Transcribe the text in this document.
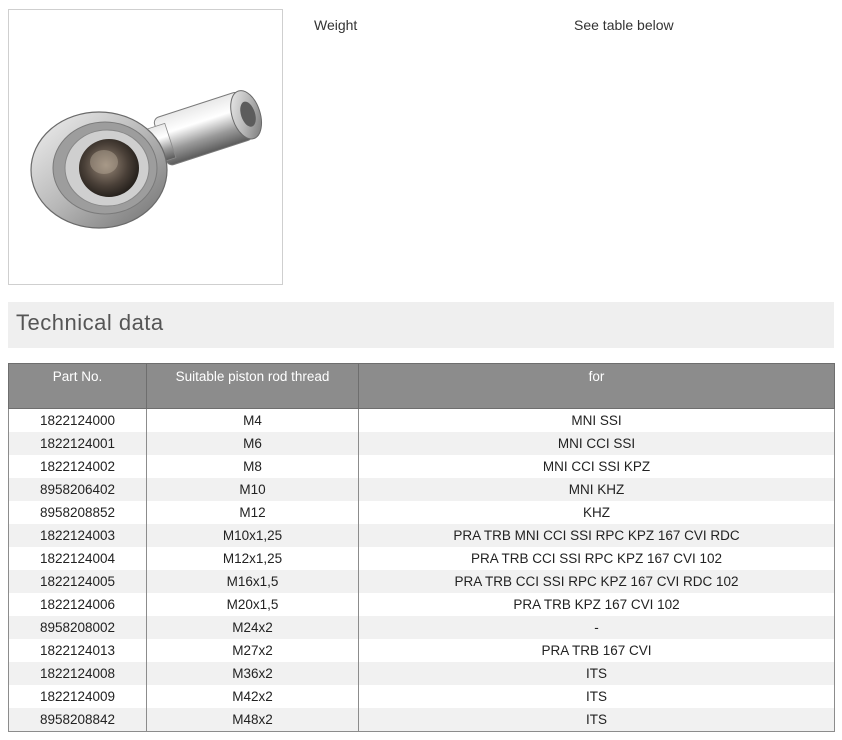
Weight	See table below
Technical data
Part No.	Suitable piston rod thread	for
1822124000	M4	MNI SSI
1822124001	M6	MNI CCI SSI
1822124002	M8	MNI CCI SSI KPZ
8958206402	M10	MNI KHZ
8958208852	M12	KHZ
1822124003	M10x1,25	PRA TRB MNI CCI SSI RPC KPZ 167 CVI RDC
1822124004	M12x1,25	PRA TRB CCI SSI RPC KPZ 167 CVI 102
1822124005	M16x1,5	PRA TRB CCI SSI RPC KPZ 167 CVI RDC 102
1822124006	M20x1,5	PRA TRB KPZ 167 CVI 102
8958208002	M24x2	-
1822124013	M27x2	PRA TRB 167 CVI
1822124008	M36x2	ITS
1822124009	M42x2	ITS
8958208842	M48x2	ITS
